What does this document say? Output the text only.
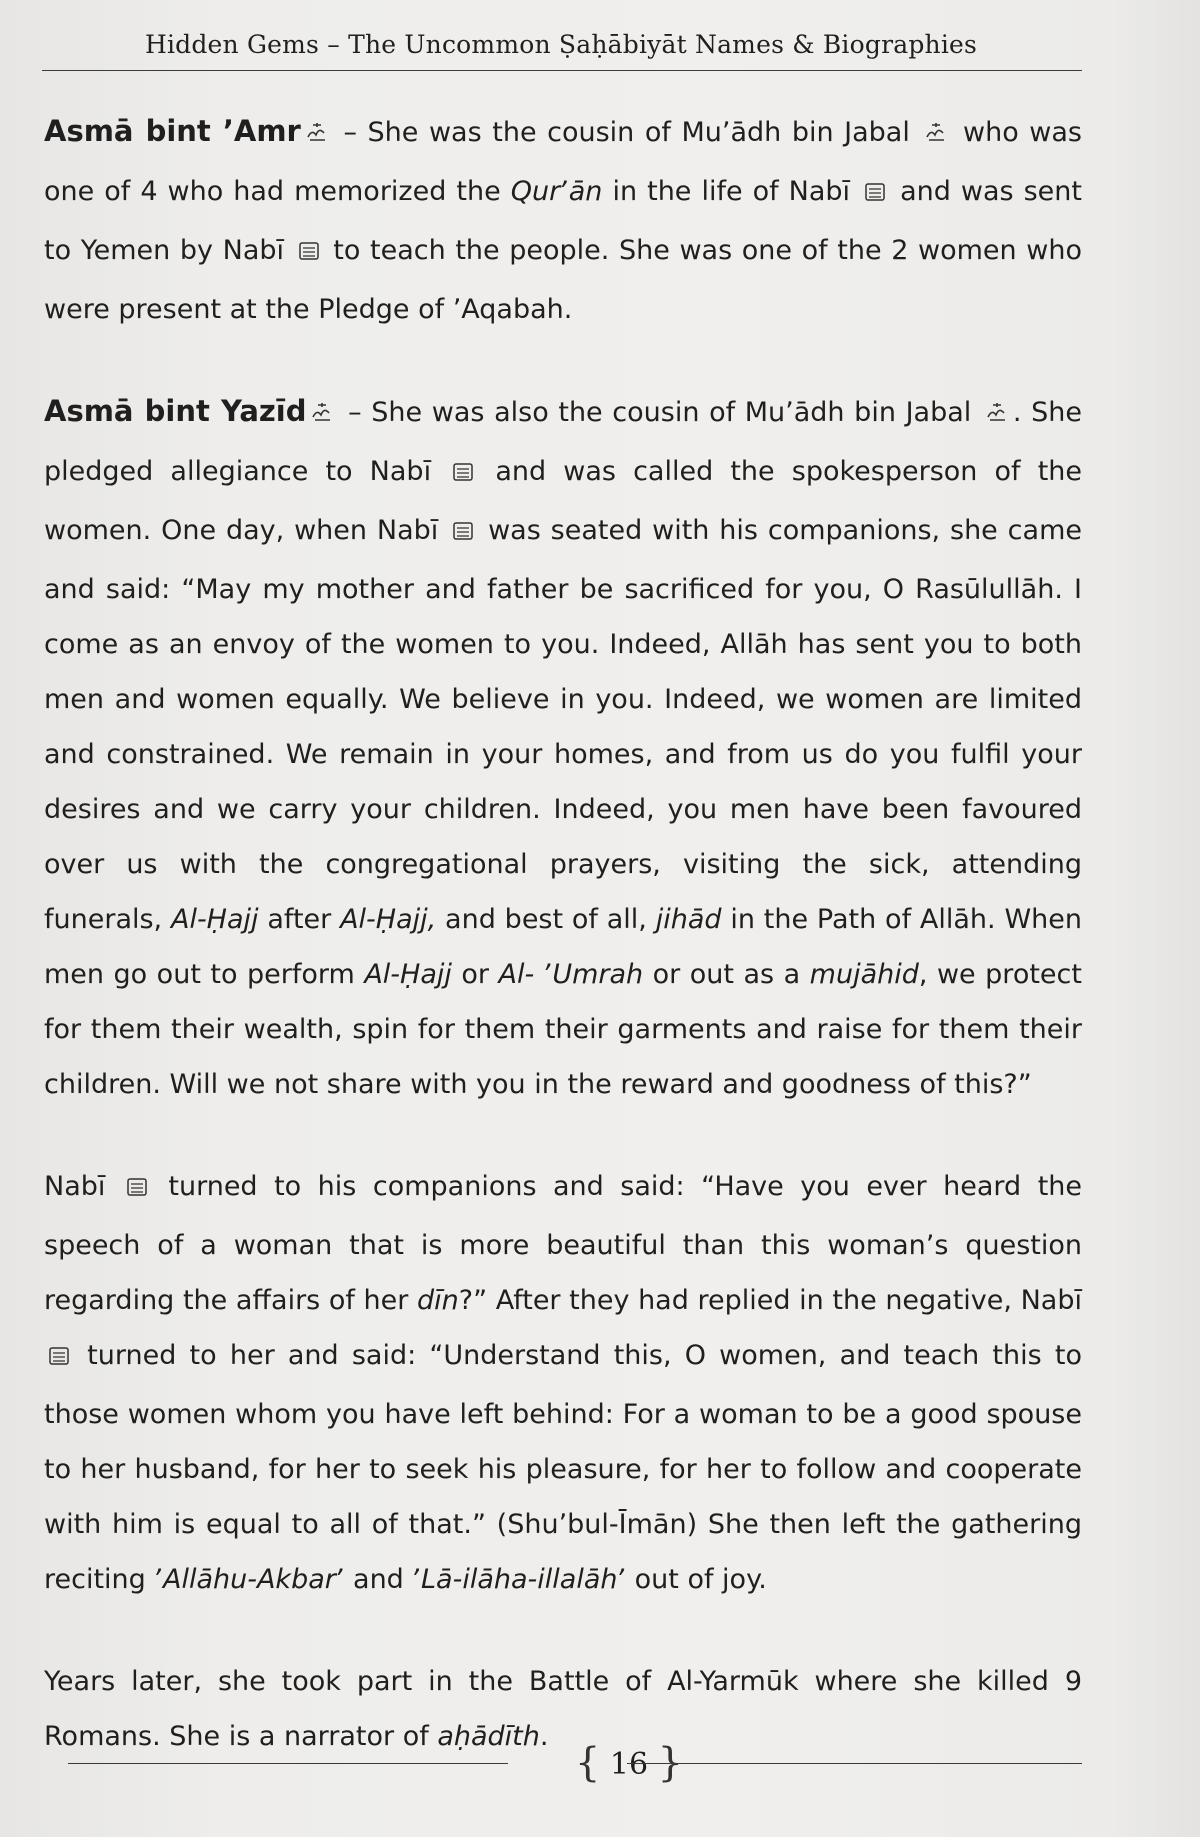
Hidden Gems – The Uncommon Ṣaḥābiyāt Names & Biographies

Asmā bint ʼAmr – She was the cousin of Muʼādh bin Jabal  who was one of 4 who had memorized the Qurʼān in the life of Nabī  and was sent to Yemen by Nabī  to teach the people. She was one of the 2 women who were present at the Pledge of ʼAqabah.

Asmā bint Yazīd – She was also the cousin of Muʼādh bin Jabal . She pledged allegiance to Nabī  and was called the spokesperson of the women. One day, when Nabī  was seated with his companions, she came and said: “May my mother and father be sacrificed for you, O Rasūlullāh. I come as an envoy of the women to you. Indeed, Allāh has sent you to both men and women equally. We believe in you. Indeed, we women are limited and constrained. We remain in your homes, and from us do you fulfil your desires and we carry your children. Indeed, you men have been favoured over us with the congregational prayers, visiting the sick, attending funerals, Al-Ḥajj after Al-Ḥajj, and best of all, jihād in the Path of Allāh. When men go out to perform Al-Ḥajj or Al- ʼUmrah or out as a mujāhid, we protect for them their wealth, spin for them their garments and raise for them their children. Will we not share with you in the reward and goodness of this?”

Nabī  turned to his companions and said: “Have you ever heard the speech of a woman that is more beautiful than this woman’s question regarding the affairs of her dīn?” After they had replied in the negative, Nabī  turned to her and said: “Understand this, O women, and teach this to those women whom you have left behind: For a woman to be a good spouse to her husband, for her to seek his pleasure, for her to follow and cooperate with him is equal to all of that.” (Shuʼbul-Īmān) She then left the gathering reciting ʼAllāhu-Akbarʼ and ʼLā-ilāha-illalāhʼ out of joy.

Years later, she took part in the Battle of Al-Yarmūk where she killed 9 Romans. She is a narrator of aḥādīth.

{ 16 }
